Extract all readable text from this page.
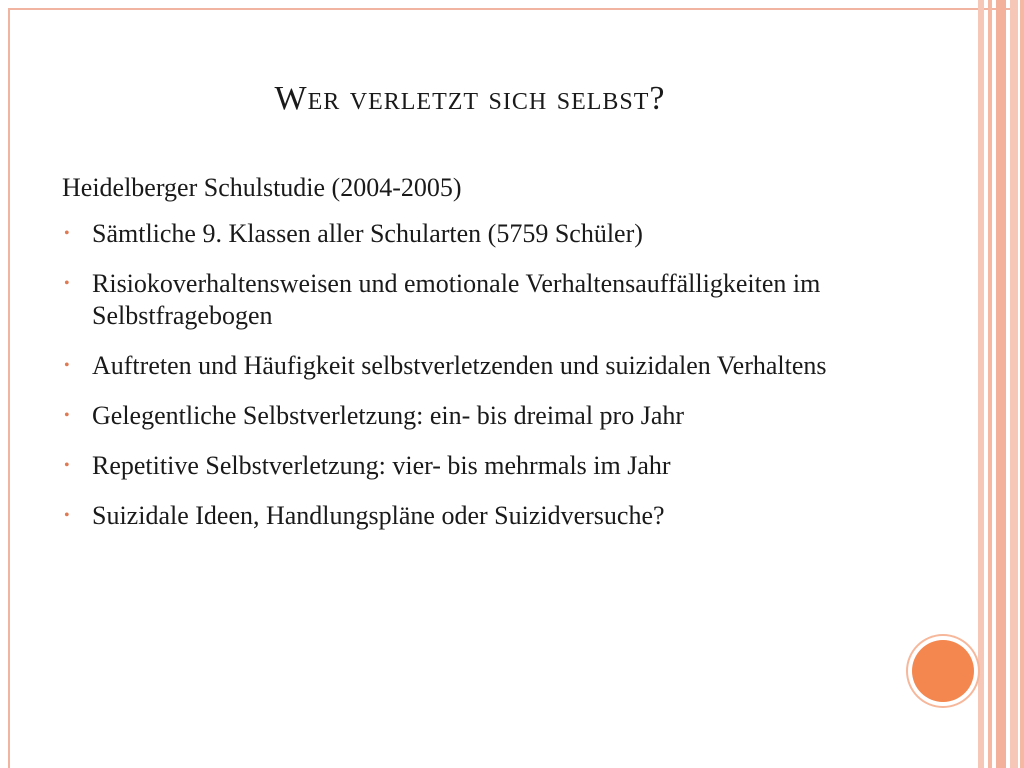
Wer verletzt sich selbst?
Heidelberger Schulstudie (2004-2005)
• Sämtliche 9. Klassen aller Schularten (5759 Schüler)
• Risiokoverhaltensweisen und emotionale Verhaltensauffälligkeiten im Selbstfragebogen
• Auftreten und Häufigkeit selbstverletzenden und suizidalen Verhaltens
• Gelegentliche Selbstverletzung: ein- bis dreimal pro Jahr
• Repetitive Selbstverletzung: vier- bis mehrmals im Jahr
• Suizidale Ideen, Handlungspläne oder Suizidversuche?
